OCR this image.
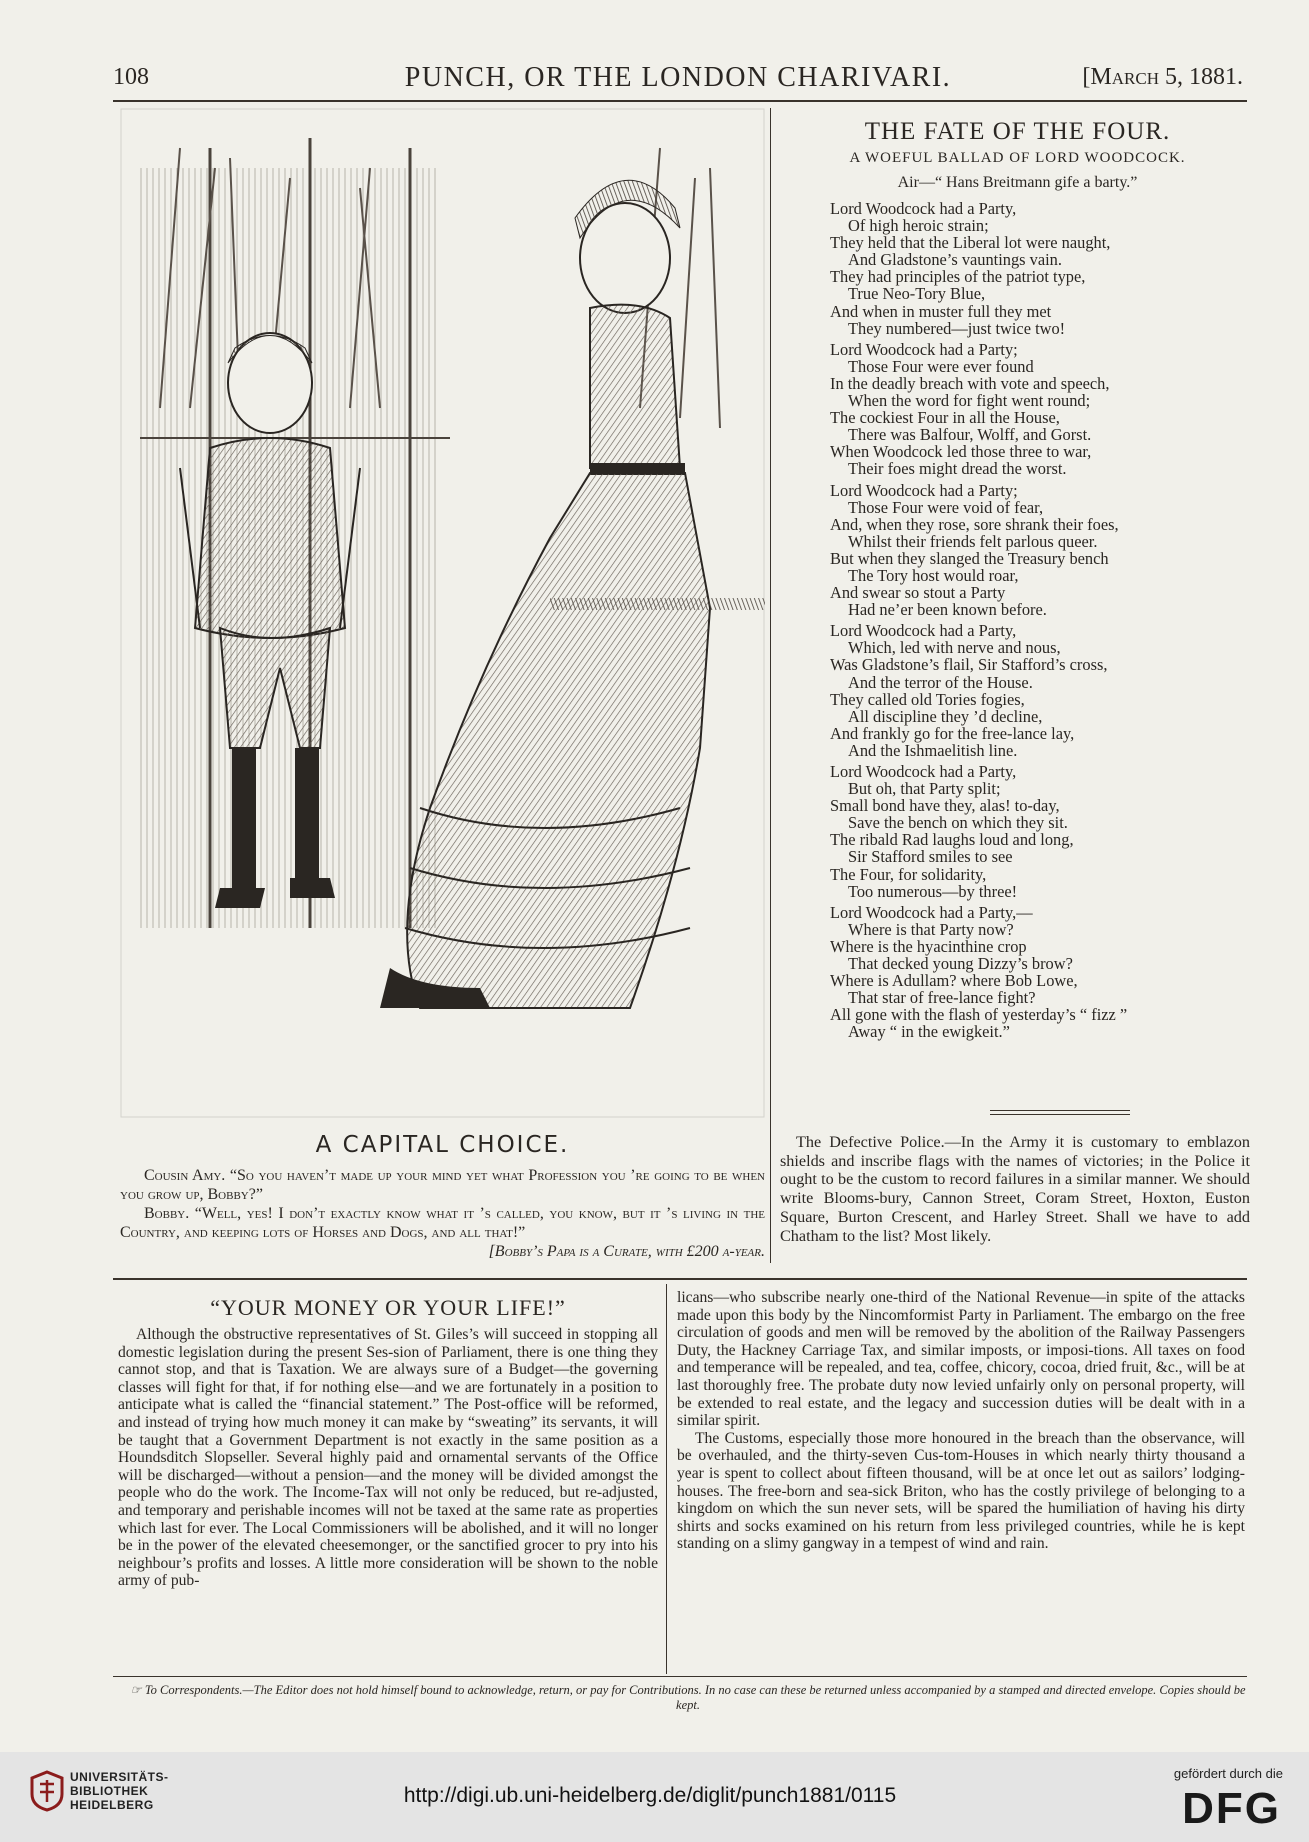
108	PUNCH, OR THE LONDON CHARIVARI.	[March 5, 1881.
A CAPITAL CHOICE.

Cousin Amy. “So you haven’t made up your mind yet what Profession you ’re going to be when you grow up, Bobby?”

Bobby. “Well, yes! I don’t exactly know what it ’s called, you know, but it ’s living in the Country, and keeping lots of Horses and Dogs, and all that!”
[Bobby’s Papa is a Curate, with £200 a-year.

THE FATE OF THE FOUR.
A WOEFUL BALLAD OF LORD WOODCOCK.
Air—“ Hans Breitmann gife a barty.”
Lord Woodcock had a Party,
Of high heroic strain;
They held that the Liberal lot were naught,
And Gladstone’s vauntings vain.
They had principles of the patriot type,
True Neo-Tory Blue,
And when in muster full they met
They numbered—just twice two!
Lord Woodcock had a Party;
Those Four were ever found
In the deadly breach with vote and speech,
When the word for fight went round;
The cockiest Four in all the House,
There was Balfour, Wolff, and Gorst.
When Woodcock led those three to war,
Their foes might dread the worst.
Lord Woodcock had a Party;
Those Four were void of fear,
And, when they rose, sore shrank their foes,
Whilst their friends felt parlous queer.
But when they slanged the Treasury bench
The Tory host would roar,
And swear so stout a Party
Had ne’er been known before.
Lord Woodcock had a Party,
Which, led with nerve and nous,
Was Gladstone’s flail, Sir Stafford’s cross,
And the terror of the House.
They called old Tories fogies,
All discipline they ’d decline,
And frankly go for the free-lance lay,
And the Ishmaelitish line.
Lord Woodcock had a Party,
But oh, that Party split;
Small bond have they, alas! to-day,
Save the bench on which they sit.
The ribald Rad laughs loud and long,
Sir Stafford smiles to see
The Four, for solidarity,
Too numerous—by three!
Lord Woodcock had a Party,—
Where is that Party now?
Where is the hyacinthine crop
That decked young Dizzy’s brow?
Where is Adullam? where Bob Lowe,
That star of free-lance fight?
All gone with the flash of yesterday’s “ fizz ”
Away “ in the ewigkeit.”

The Defective Police.—In the Army it is customary to emblazon shields and inscribe flags with the names of victories; in the Police it ought to be the custom to record failures in a similar manner. We should write Blooms-bury, Cannon Street, Coram Street, Hoxton, Euston Square, Burton Crescent, and Harley Street. Shall we have to add Chatham to the list? Most likely.

“YOUR MONEY OR YOUR LIFE!”

Although the obstructive representatives of St. Giles’s will succeed in stopping all domestic legislation during the present Ses-sion of Parliament, there is one thing they cannot stop, and that is Taxation. We are always sure of a Budget—the governing classes will fight for that, if for nothing else—and we are fortunately in a position to anticipate what is called the “financial statement.” The Post-office will be reformed, and instead of trying how much money it can make by “sweating” its servants, it will be taught that a Government Department is not exactly in the same position as a Houndsditch Slopseller. Several highly paid and ornamental servants of the Office will be discharged—without a pension—and the money will be divided amongst the people who do the work. The Income-Tax will not only be reduced, but re-adjusted, and temporary and perishable incomes will not be taxed at the same rate as properties which last for ever. The Local Commissioners will be abolished, and it will no longer be in the power of the elevated cheesemonger, or the sanctified grocer to pry into his neighbour’s profits and losses. A little more consideration will be shown to the noble army of pub-

licans—who subscribe nearly one-third of the National Revenue—in spite of the attacks made upon this body by the Nincomformist Party in Parliament. The embargo on the free circulation of goods and men will be removed by the abolition of the Railway Passengers Duty, the Hackney Carriage Tax, and similar imposts, or imposi-tions. All taxes on food and temperance will be repealed, and tea, coffee, chicory, cocoa, dried fruit, &c., will be at last thoroughly free. The probate duty now levied unfairly only on personal property, will be extended to real estate, and the legacy and succession duties will be dealt with in a similar spirit.

The Customs, especially those more honoured in the breach than the observance, will be overhauled, and the thirty-seven Cus-tom-Houses in which nearly thirty thousand a year is spent to collect about fifteen thousand, will be at once let out as sailors’ lodging-houses. The free-born and sea-sick Briton, who has the costly privilege of belonging to a kingdom on which the sun never sets, will be spared the humiliation of having his dirty shirts and socks examined on his return from less privileged countries, while he is kept standing on a slimy gangway in a tempest of wind and rain.

☞ To Correspondents.—The Editor does not hold himself bound to acknowledge, return, or pay for Contributions. In no case can these be returned unless accompanied by a stamped and directed envelope. Copies should be kept.
UNIVERSITÄTS-
BIBLIOTHEK
HEIDELBERG	http://digi.ub.uni-heidelberg.de/diglit/punch1881/0115
gefördert durch die
DFG
